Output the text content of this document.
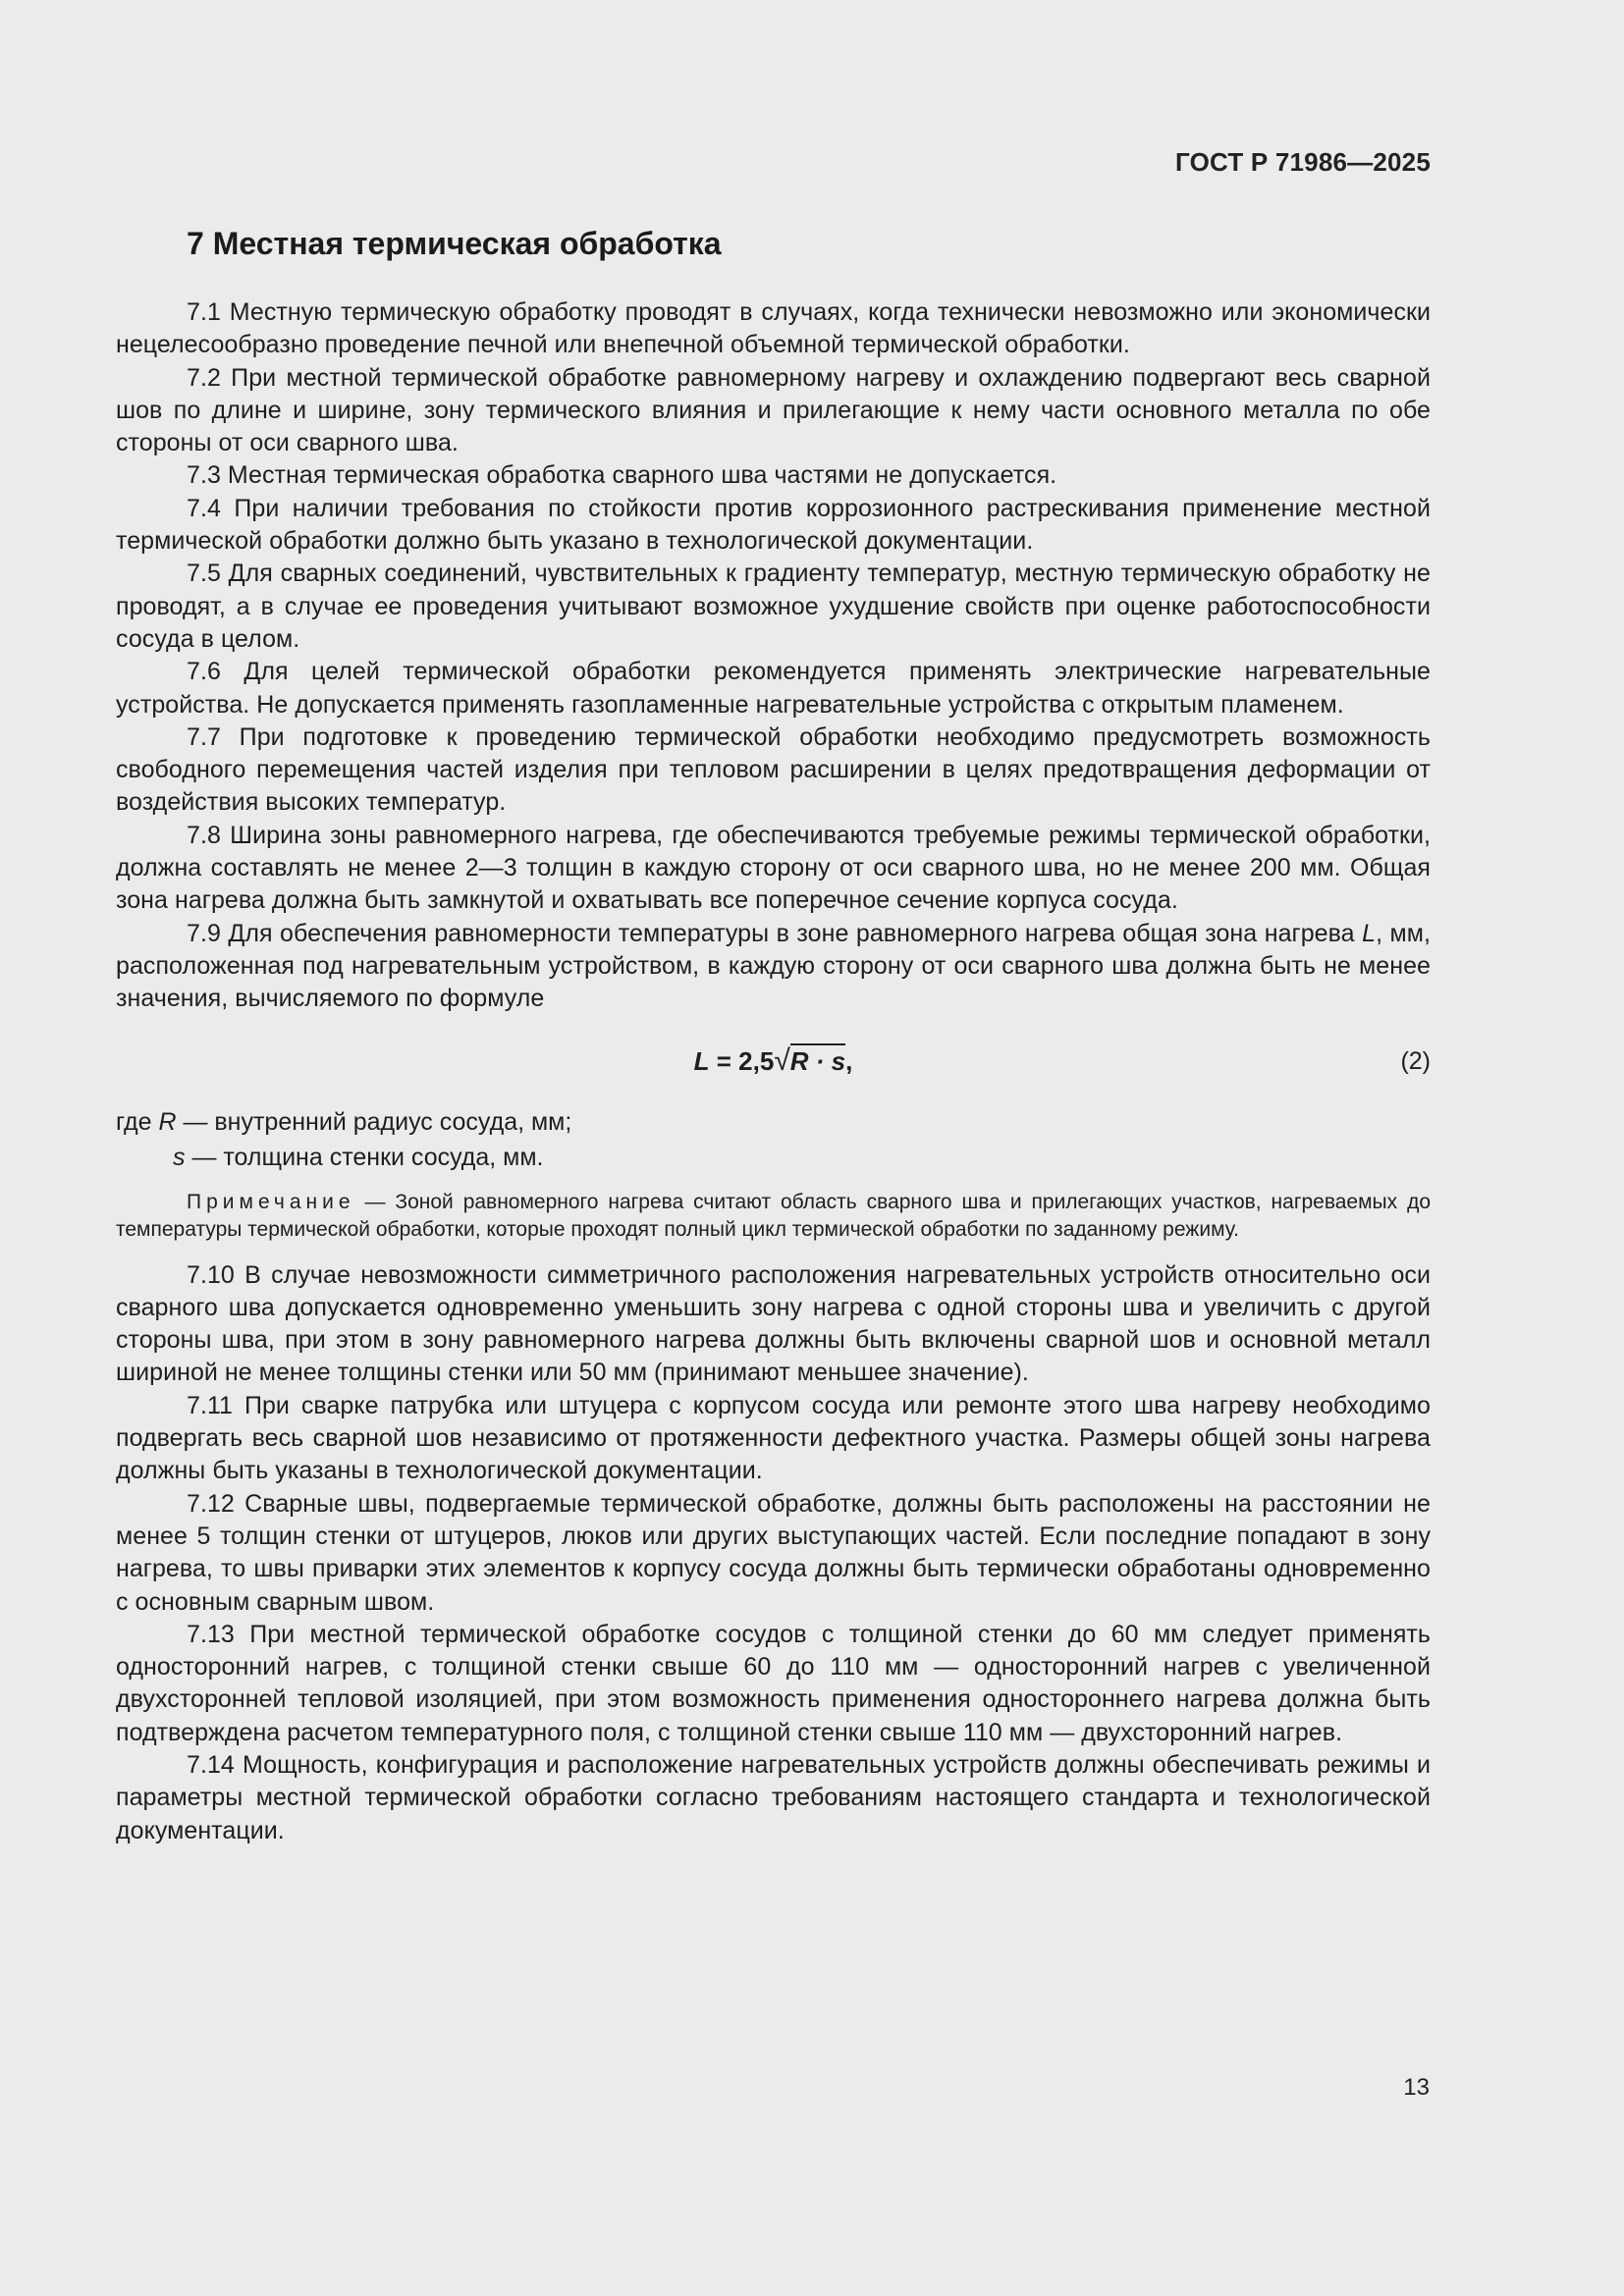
ГОСТ Р 71986—2025
7 Местная термическая обработка

7.1 Местную термическую обработку проводят в случаях, когда технически невозможно или экономически нецелесообразно проведение печной или внепечной объемной термической обработки.

7.2 При местной термической обработке равномерному нагреву и охлаждению подвергают весь сварной шов по длине и ширине, зону термического влияния и прилегающие к нему части основного металла по обе стороны от оси сварного шва.

7.3 Местная термическая обработка сварного шва частями не допускается.

7.4 При наличии требования по стойкости против коррозионного растрескивания применение местной термической обработки должно быть указано в технологической документации.

7.5 Для сварных соединений, чувствительных к градиенту температур, местную термическую обработку не проводят, а в случае ее проведения учитывают возможное ухудшение свойств при оценке работоспособности сосуда в целом.

7.6 Для целей термической обработки рекомендуется применять электрические нагревательные устройства. Не допускается применять газопламенные нагревательные устройства с открытым пламенем.

7.7 При подготовке к проведению термической обработки необходимо предусмотреть возможность свободного перемещения частей изделия при тепловом расширении в целях предотвращения деформации от воздействия высоких температур.

7.8 Ширина зоны равномерного нагрева, где обеспечиваются требуемые режимы термической обработки, должна составлять не менее 2—3 толщин в каждую сторону от оси сварного шва, но не менее 200 мм. Общая зона нагрева должна быть замкнутой и охватывать все поперечное сечение корпуса сосуда.

7.9 Для обеспечения равномерности температуры в зоне равномерного нагрева общая зона нагрева L, мм, расположенная под нагревательным устройством, в каждую сторону от оси сварного шва должна быть не менее значения, вычисляемого по формуле

L = 2,5√R · s,	(2)

где R — внутренний радиус сосуда, мм;

s — толщина стенки сосуда, мм.

Примечание — Зоной равномерного нагрева считают область сварного шва и прилегающих участков, нагреваемых до температуры термической обработки, которые проходят полный цикл термической обработки по заданному режиму.

7.10 В случае невозможности симметричного расположения нагревательных устройств относительно оси сварного шва допускается одновременно уменьшить зону нагрева с одной стороны шва и увеличить с другой стороны шва, при этом в зону равномерного нагрева должны быть включены сварной шов и основной металл шириной не менее толщины стенки или 50 мм (принимают меньшее значение).

7.11 При сварке патрубка или штуцера с корпусом сосуда или ремонте этого шва нагреву необходимо подвергать весь сварной шов независимо от протяженности дефектного участка. Размеры общей зоны нагрева должны быть указаны в технологической документации.

7.12 Сварные швы, подвергаемые термической обработке, должны быть расположены на расстоянии не менее 5 толщин стенки от штуцеров, люков или других выступающих частей. Если последние попадают в зону нагрева, то швы приварки этих элементов к корпусу сосуда должны быть термически обработаны одновременно с основным сварным швом.

7.13 При местной термической обработке сосудов с толщиной стенки до 60 мм следует применять односторонний нагрев, с толщиной стенки свыше 60 до 110 мм — односторонний нагрев с увеличенной двухсторонней тепловой изоляцией, при этом возможность применения одностороннего нагрева должна быть подтверждена расчетом температурного поля, с толщиной стенки свыше 110 мм — двухсторонний нагрев.

7.14 Мощность, конфигурация и расположение нагревательных устройств должны обеспечивать режимы и параметры местной термической обработки согласно требованиям настоящего стандарта и технологической документации.

13
